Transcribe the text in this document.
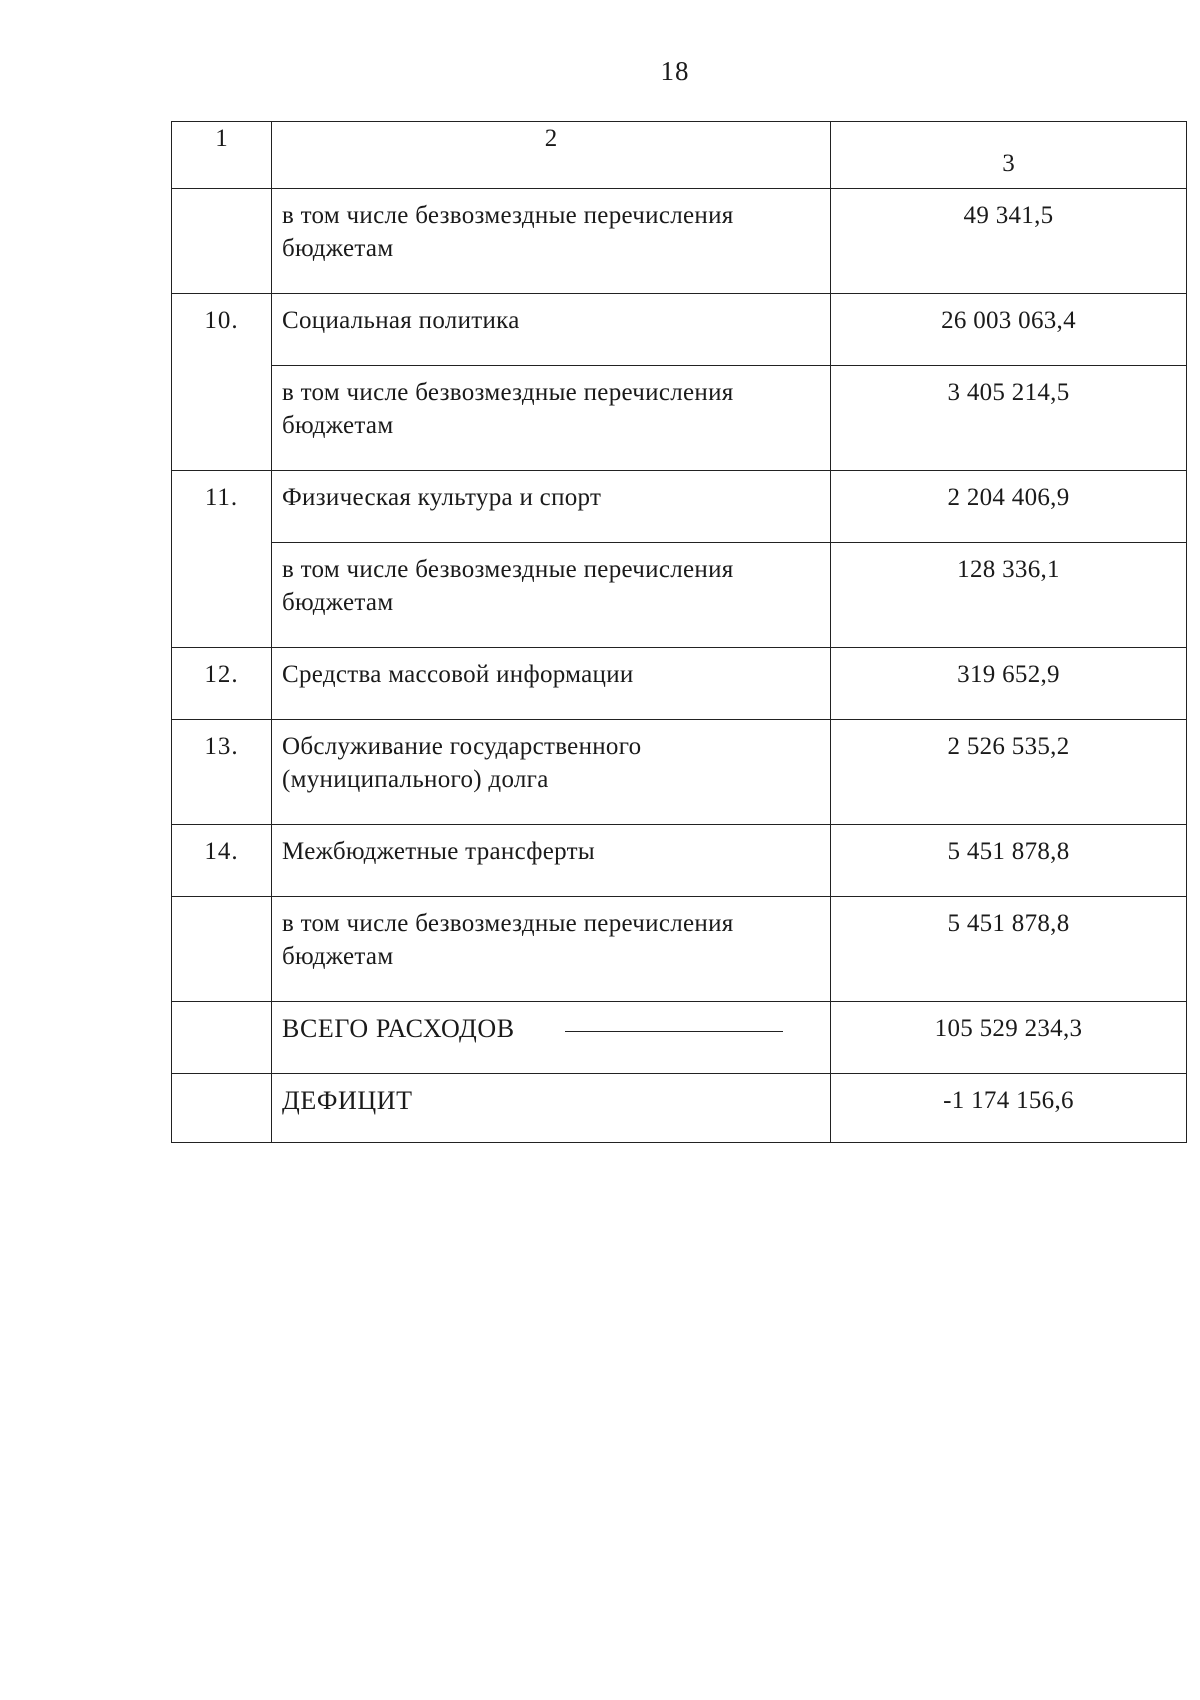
18
1	2	3
	в том числе безвозмездные перечисления бюджетам	49 341,5
10.	Социальная политика	26 003 063,4
	в том числе безвозмездные перечисления бюджетам	3 405 214,5
11.	Физическая культура и спорт	2 204 406,9
	в том числе безвозмездные перечисления бюджетам	128 336,1
12.	Средства массовой информации	319 652,9
13.	Обслуживание государственного (муниципального) долга	2 526 535,2
14.	Межбюджетные трансферты	5 451 878,8
	в том числе безвозмездные перечисления бюджетам	5 451 878,8
	ВСЕГО РАСХОДОВ	105 529 234,3
	ДЕФИЦИТ	-1 174 156,6
